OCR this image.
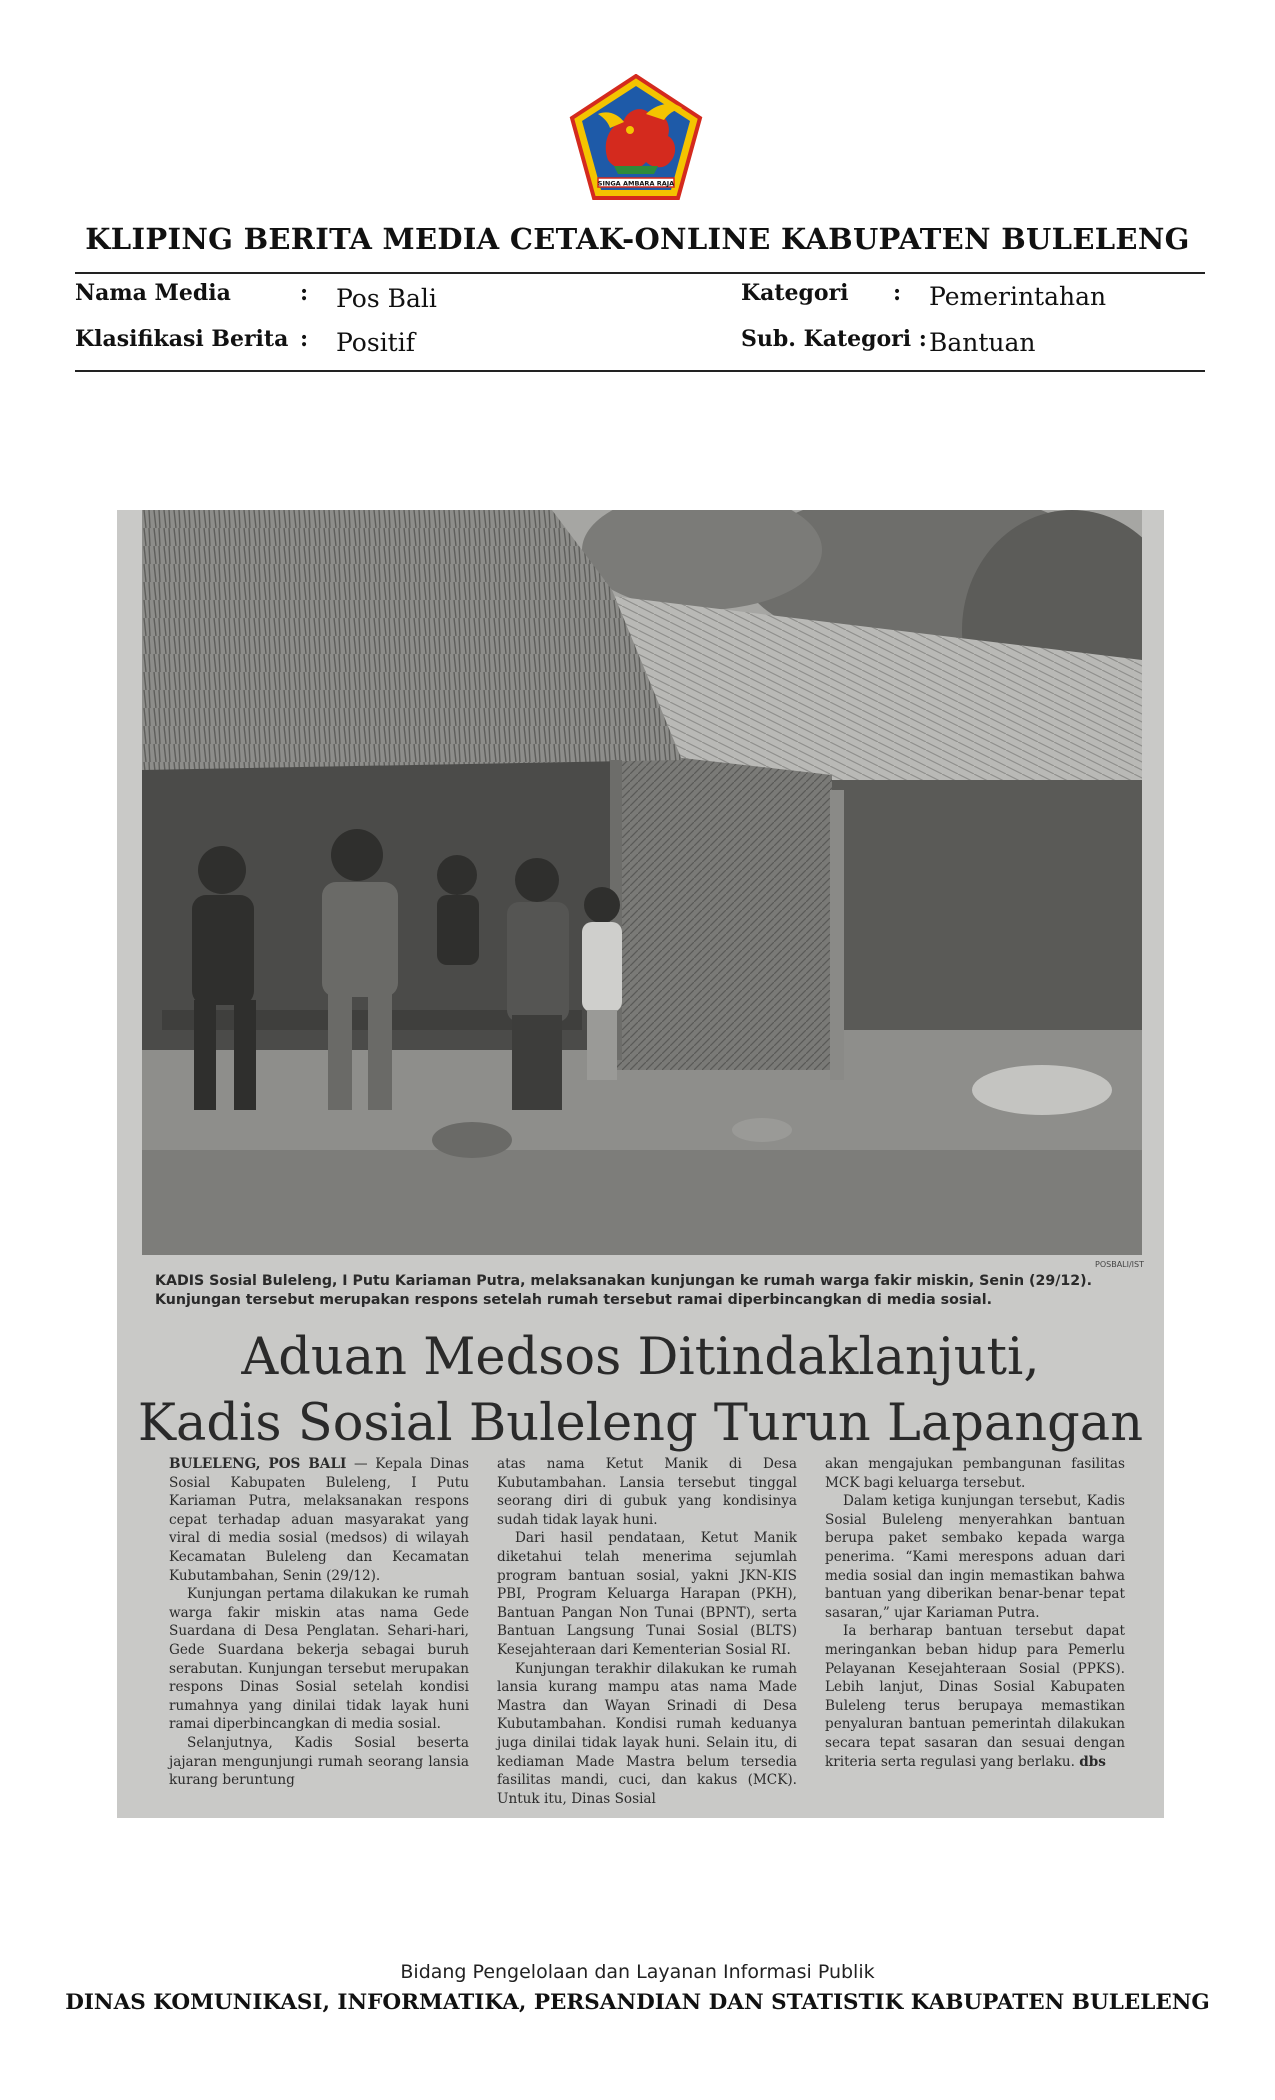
SINGA AMBARA RAJA
KLIPING BERITA MEDIA CETAK-ONLINE KABUPATEN BULELENG
Nama Media	: Pos Bali
Klasifikasi Berita : Positif
Kategori : Pemerintahan
Sub. Kategori : Bantuan
POSBALI/IST
KADIS Sosial Buleleng, I Putu Kariaman Putra, melaksanakan kunjungan ke rumah warga fakir miskin, Senin (29/12). Kunjungan tersebut merupakan respons setelah rumah tersebut ramai diperbincangkan di media sosial.
Aduan Medsos Ditindaklanjuti,
Kadis Sosial Buleleng Turun Lapangan

BULELENG, POS BALI — Kepala Dinas Sosial Kabupaten Buleleng, I Putu Kariaman Putra, melaksanakan respons cepat terhadap aduan masyarakat yang viral di media sosial (medsos) di wilayah Kecamatan Buleleng dan Kecamatan Kubutambahan, Senin (29/12).

Kunjungan pertama dilakukan ke rumah warga fakir miskin atas nama Gede Suardana di Desa Penglatan. Sehari-hari, Gede Suardana bekerja sebagai buruh serabutan. Kunjungan tersebut merupakan respons Dinas Sosial setelah kondisi rumahnya yang dinilai tidak layak huni ramai diperbincangkan di media sosial.

Selanjutnya, Kadis Sosial beserta jajaran mengunjungi rumah seorang lansia kurang beruntung

atas nama Ketut Manik di Desa Kubutambahan. Lansia tersebut tinggal seorang diri di gubuk yang kondisinya sudah tidak layak huni.

Dari hasil pendataan, Ketut Manik diketahui telah menerima sejumlah program bantuan sosial, yakni JKN-KIS PBI, Program Keluarga Harapan (PKH), Bantuan Pangan Non Tunai (BPNT), serta Bantuan Langsung Tunai Sosial (BLTS) Kesejahteraan dari Kementerian Sosial RI.

Kunjungan terakhir dilakukan ke rumah lansia kurang mampu atas nama Made Mastra dan Wayan Srinadi di Desa Kubutambahan. Kondisi rumah keduanya juga dinilai tidak layak huni. Selain itu, di kediaman Made Mastra belum tersedia fasilitas mandi, cuci, dan kakus (MCK). Untuk itu, Dinas Sosial

akan mengajukan pembangunan fasilitas MCK bagi keluarga tersebut.

Dalam ketiga kunjungan tersebut, Kadis Sosial Buleleng menyerahkan bantuan berupa paket sembako kepada warga penerima. “Kami merespons aduan dari media sosial dan ingin memastikan bahwa bantuan yang diberikan benar-benar tepat sasaran,” ujar Kariaman Putra.

Ia berharap bantuan tersebut dapat meringankan beban hidup para Pemerlu Pelayanan Kesejahteraan Sosial (PPKS). Lebih lanjut, Dinas Sosial Kabupaten Buleleng terus berupaya memastikan penyaluran bantuan pemerintah dilakukan secara tepat sasaran dan sesuai dengan kriteria serta regulasi yang berlaku. dbs

Bidang Pengelolaan dan Layanan Informasi Publik
DINAS KOMUNIKASI, INFORMATIKA, PERSANDIAN DAN STATISTIK KABUPATEN BULELENG
